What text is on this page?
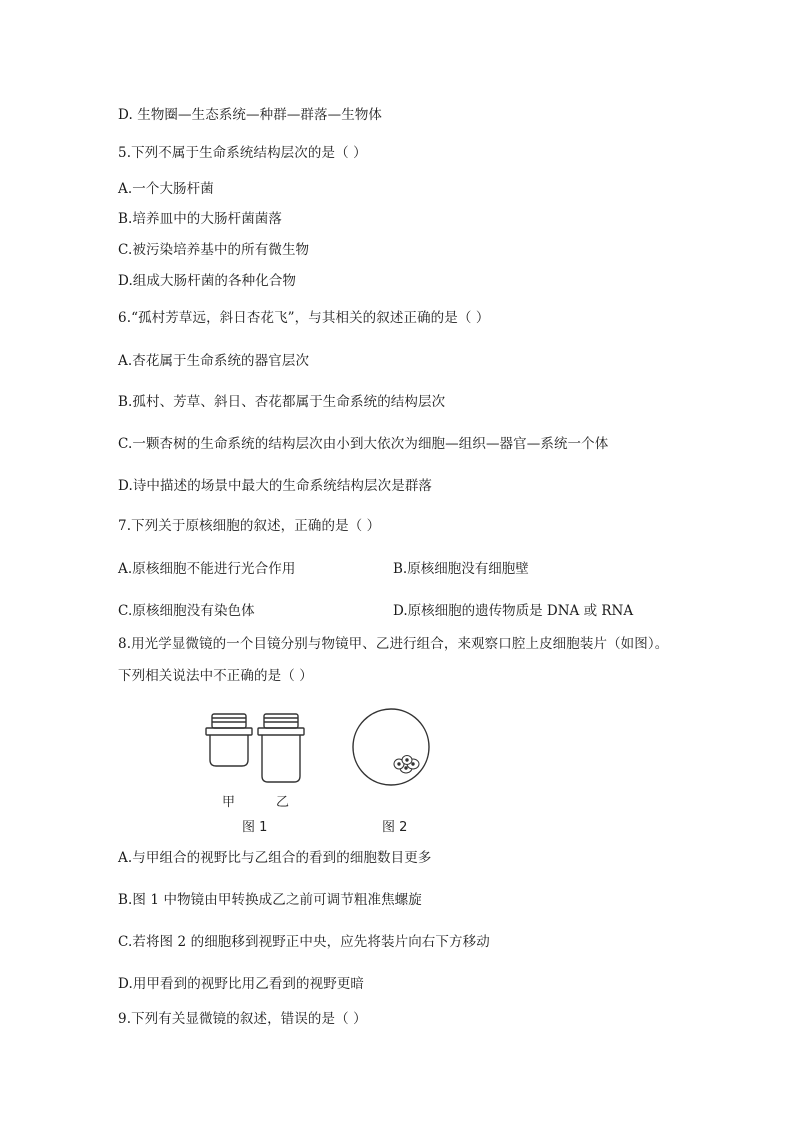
D. 生物圈—生态系统—种群—群落—生物体
5.下列不属于生命系统结构层次的是（ ）
A.一个大肠杆菌
B.培养皿中的大肠杆菌菌落
C.被污染培养基中的所有微生物
D.组成大肠杆菌的各种化合物
6.“孤村芳草远，斜日杏花飞”，与其相关的叙述正确的是（ ）
A.杏花属于生命系统的器官层次
B.孤村、芳草、斜日、杏花都属于生命系统的结构层次
C.一颗杏树的生命系统的结构层次由小到大依次为细胞—组织—器官—系统一个体
D.诗中描述的场景中最大的生命系统结构层次是群落
7.下列关于原核细胞的叙述，正确的是（ ）
A.原核细胞不能进行光合作用	B.原核细胞没有细胞壁
C.原核细胞没有染色体	D.原核细胞的遗传物质是 DNA 或 RNA
8.用光学显微镜的一个目镜分别与物镜甲、乙进行组合，来观察口腔上皮细胞装片（如图）。
下列相关说法中不正确的是（ ）
甲	乙
图 1	图 2
A.与甲组合的视野比与乙组合的看到的细胞数目更多
B.图 1 中物镜由甲转换成乙之前可调节粗准焦螺旋
C.若将图 2 的细胞移到视野正中央，应先将装片向右下方移动
D.用甲看到的视野比用乙看到的视野更暗
9.下列有关显微镜的叙述，错误的是（ ）
